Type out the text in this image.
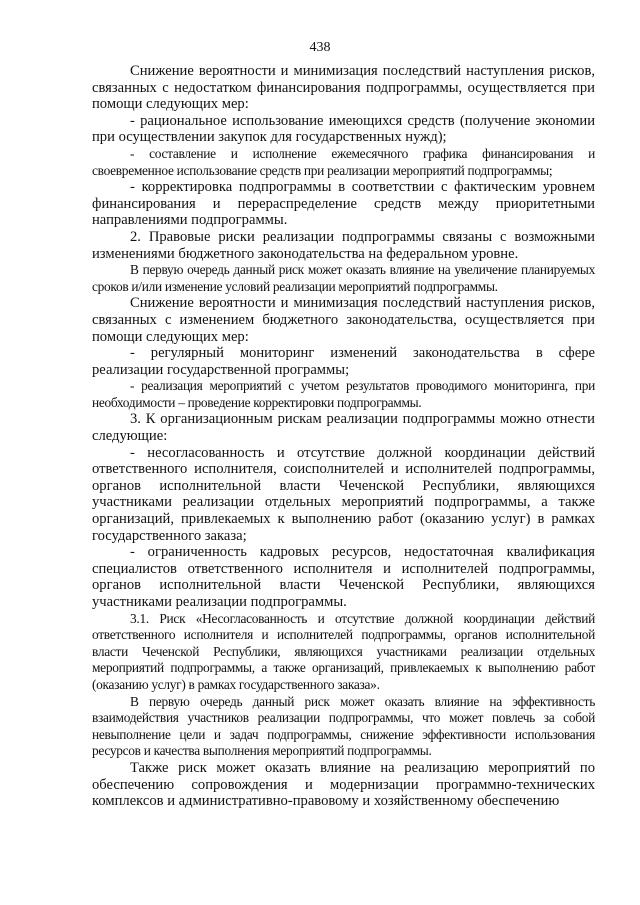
438

Снижение вероятности и минимизация последствий наступления рисков, связанных с недостатком финансирования подпрограммы, осуществляется при помощи следующих мер:

- рациональное использование имеющихся средств (получение экономии при осуществлении закупок для государственных нужд);

- составление и исполнение ежемесячного графика финансирования и своевременное использование средств при реализации мероприятий подпрограммы;

- корректировка подпрограммы в соответствии с фактическим уровнем финансирования и перераспределение средств между приоритетными направлениями подпрограммы.

2. Правовые риски реализации подпрограммы связаны с возможными изменениями бюджетного законодательства на федеральном уровне.

В первую очередь данный риск может оказать влияние на увеличение планируемых сроков и/или изменение условий реализации мероприятий подпрограммы.

Снижение вероятности и минимизация последствий наступления рисков, связанных с изменением бюджетного законодательства, осуществляется при помощи следующих мер:

- регулярный мониторинг изменений законодательства в сфере реализации государственной программы;

- реализация мероприятий с учетом результатов проводимого мониторинга, при необходимости – проведение корректировки подпрограммы.

3. К организационным рискам реализации подпрограммы можно отнести следующие:

- несогласованность и отсутствие должной координации действий ответственного исполнителя, соисполнителей и исполнителей подпрограммы, органов исполнительной власти Чеченской Республики, являющихся участниками реализации отдельных мероприятий подпрограммы, а также организаций, привлекаемых к выполнению работ (оказанию услуг) в рамках государственного заказа;

- ограниченность кадровых ресурсов, недостаточная квалификация специалистов ответственного исполнителя и исполнителей подпрограммы, органов исполнительной власти Чеченской Республики, являющихся участниками реализации подпрограммы.

3.1. Риск «Несогласованность и отсутствие должной координации действий ответственного исполнителя и исполнителей подпрограммы, органов исполнительной власти Чеченской Республики, являющихся участниками реализации отдельных мероприятий подпрограммы, а также организаций, привлекаемых к выполнению работ (оказанию услуг) в рамках государственного заказа».

В первую очередь данный риск может оказать влияние на эффективность взаимодействия участников реализации подпрограммы, что может повлечь за собой невыполнение цели и задач подпрограммы, снижение эффективности использования ресурсов и качества выполнения мероприятий подпрограммы.

Также риск может оказать влияние на реализацию мероприятий по обеспечению сопровождения и модернизации программно-технических комплексов и административно-правовому и хозяйственному обеспечению
